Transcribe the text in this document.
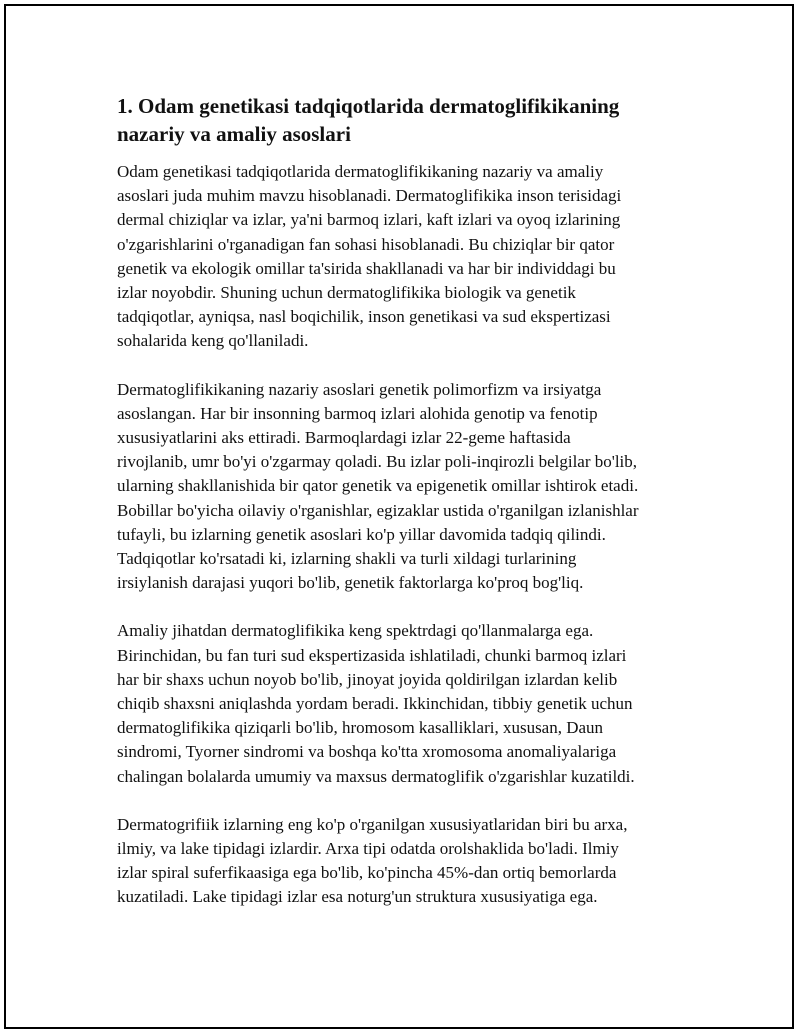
1. Odam genetikasi tadqiqotlarida dermatoglifikikaning
nazariy va amaliy asoslari

Odam genetikasi tadqiqotlarida dermatoglifikikaning nazariy va amaliy
asoslari juda muhim mavzu hisoblanadi. Dermatoglifikika inson terisidagi
dermal chiziqlar va izlar, ya'ni barmoq izlari, kaft izlari va oyoq izlarining
o'zgarishlarini o'rganadigan fan sohasi hisoblanadi. Bu chiziqlar bir qator
genetik va ekologik omillar ta'sirida shakllanadi va har bir individdagi bu
izlar noyobdir. Shuning uchun dermatoglifikika biologik va genetik
tadqiqotlar, ayniqsa, nasl boqichilik, inson genetikasi va sud ekspertizasi
sohalarida keng qo'llaniladi.

Dermatoglifikikaning nazariy asoslari genetik polimorfizm va irsiyatga
asoslangan. Har bir insonning barmoq izlari alohida genotip va fenotip
xususiyatlarini aks ettiradi. Barmoqlardagi izlar 22-geme haftasida
rivojlanib, umr bo'yi o'zgarmay qoladi. Bu izlar poli-inqirozli belgilar bo'lib,
ularning shakllanishida bir qator genetik va epigenetik omillar ishtirok etadi.
Bobillar bo'yicha oilaviy o'rganishlar, egizaklar ustida o'rganilgan izlanishlar
tufayli, bu izlarning genetik asoslari ko'p yillar davomida tadqiq qilindi.
Tadqiqotlar ko'rsatadi ki, izlarning shakli va turli xildagi turlarining
irsiylanish darajasi yuqori bo'lib, genetik faktorlarga ko'proq bog'liq.

Amaliy jihatdan dermatoglifikika keng spektrdagi qo'llanmalarga ega.
Birinchidan, bu fan turi sud ekspertizasida ishlatiladi, chunki barmoq izlari
har bir shaxs uchun noyob bo'lib, jinoyat joyida qoldirilgan izlardan kelib
chiqib shaxsni aniqlashda yordam beradi. Ikkinchidan, tibbiy genetik uchun
dermatoglifikika qiziqarli bo'lib, hromosom kasalliklari, xususan, Daun
sindromi, Tyorner sindromi va boshqa ko'tta xromosoma anomaliyalariga
chalingan bolalarda umumiy va maxsus dermatoglifik o'zgarishlar kuzatildi.

Dermatogrifiik izlarning eng ko'p o'rganilgan xususiyatlaridan biri bu arxa,
ilmiy, va lake tipidagi izlardir. Arxa tipi odatda orolshaklida bo'ladi. Ilmiy
izlar spiral suferfikaasiga ega bo'lib, ko'pincha 45%-dan ortiq bemorlarda
kuzatiladi. Lake tipidagi izlar esa noturg'un struktura xususiyatiga ega.
